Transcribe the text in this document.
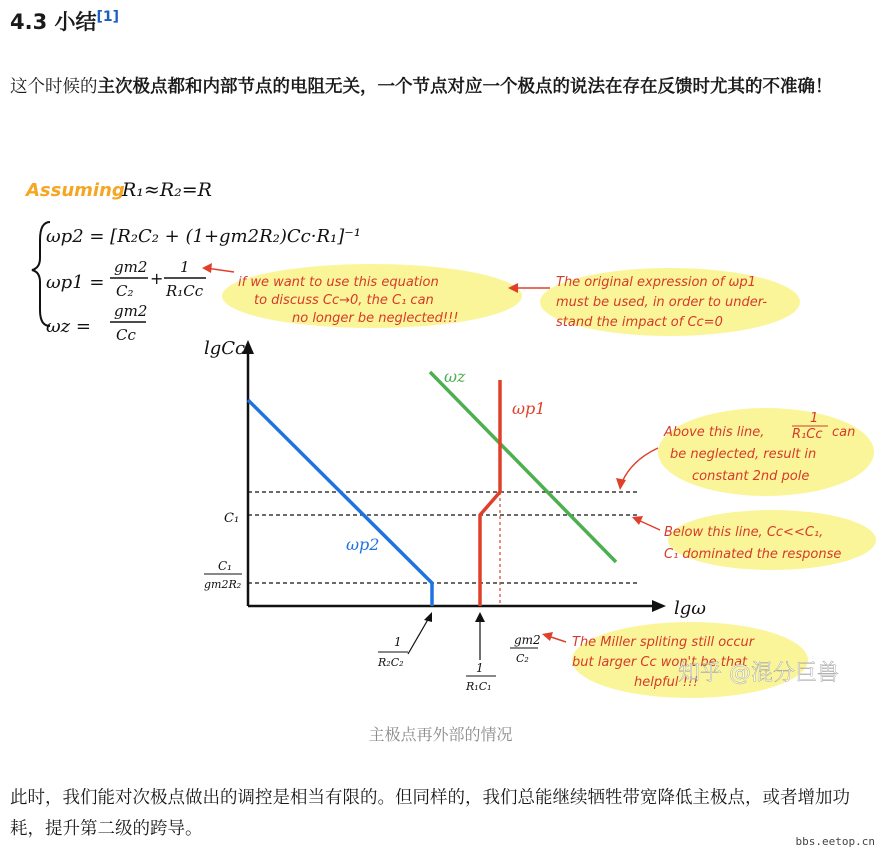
4.3 小结[1]
这个时候的主次极点都和内部节点的电阻无关，一个节点对应一个极点的说法在存在反馈时尤其的不准确！
Assuming
R₁≈R₂=R
ωp2 = [R₂C₂ + (1+gm2R₂)Cc·R₁]⁻¹
ωp1 =
gm2
C₂
+
1
R₁Cc
ωz =
gm2
Cc
if we want to use this equation
to discuss Cc→0, the C₁ can
no longer be neglected!!!
The original expression of ωp1
must be used, in order to under-
stand the impact of Cc=0
lgCc
lgω
C₁
C₁
gm2R₂
ωp2
ωz
ωp1
1
R₂C₂	1
R₁C₁
gm2
C₂
Above this line,
1
R₁Cc can
be neglected, result in
constant 2nd pole
Below this line, Cc<<C₁,
C₁ dominated the response
The Miller spliting still occur
but larger Cc won't be that
helpful !!!
知乎 @混分巨兽
主极点再外部的情况
此时，我们能对次极点做出的调控是相当有限的。但同样的，我们总能继续牺牲带宽降低主极点，或者增加功耗，提升第二级的跨导。
bbs.eetop.cn
